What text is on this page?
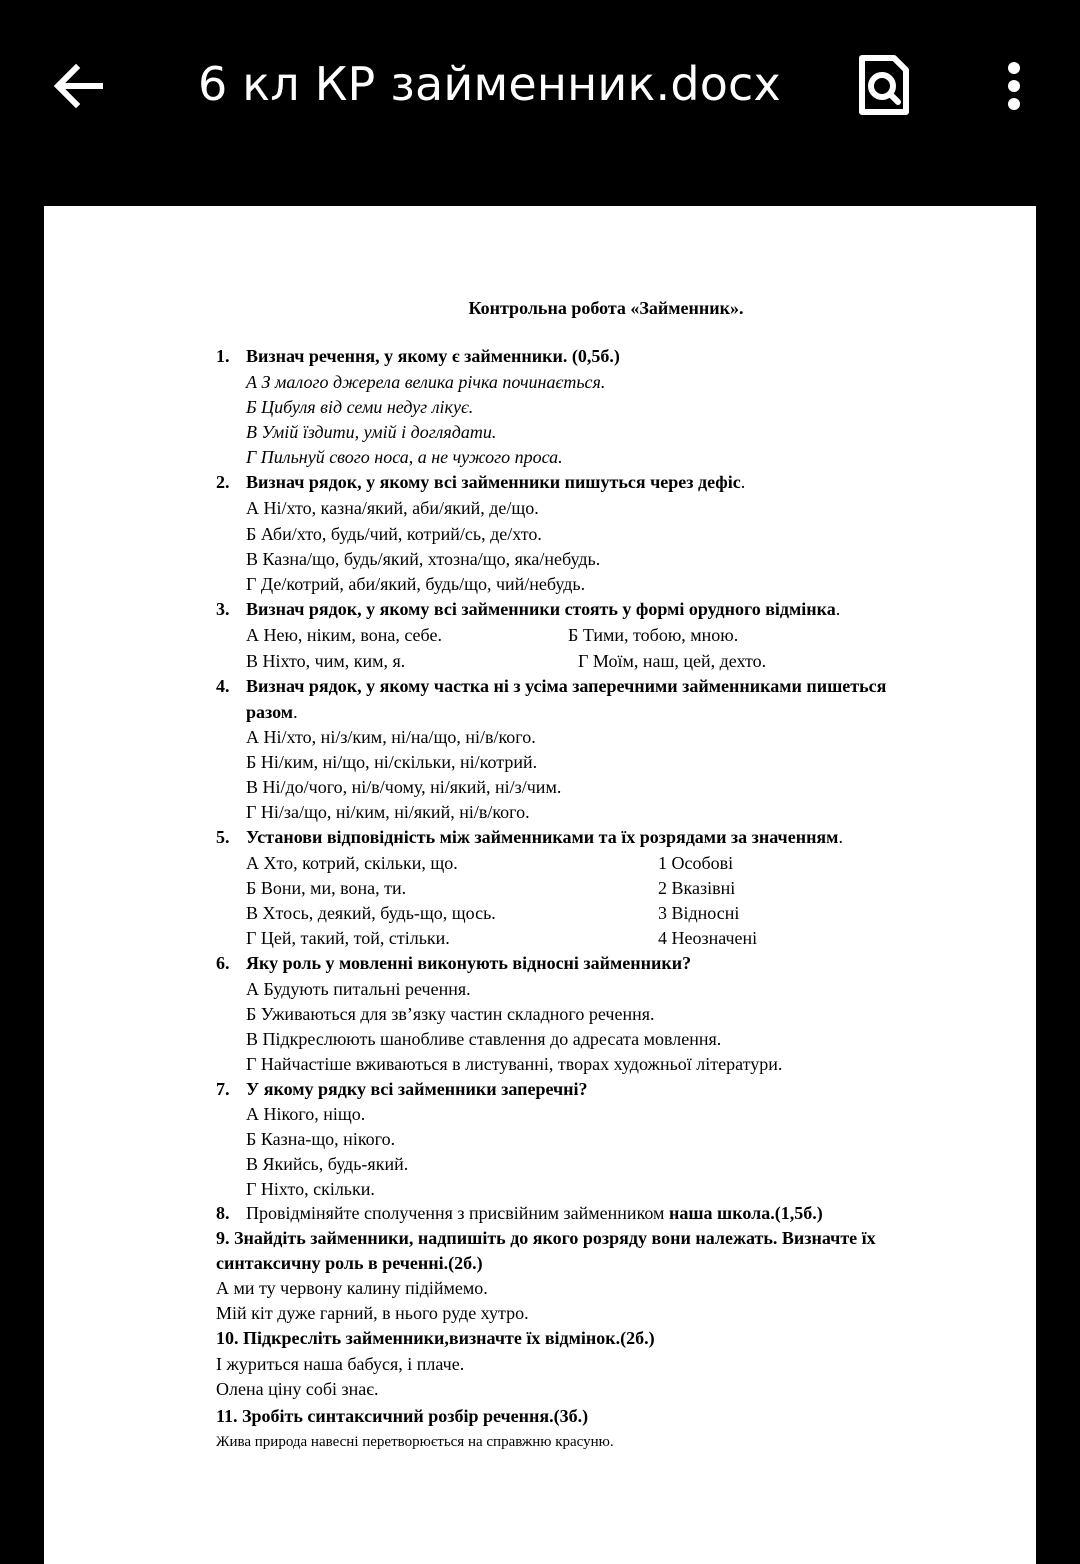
6 кл КР займенник.docx
Контрольна робота «Займенник».
1. Визнач речення, у якому є займенники. (0,5б.)
А З малого джерела велика річка починається.
Б Цибуля від семи недуг лікує.
В Умій їздити, умій і доглядати.
Г Пильнуй свого носа, а не чужого проса.
2. Визнач рядок, у якому всі займенники пишуться через дефіс.
А Ні/хто, казна/який, аби/який, де/що.
Б Аби/хто, будь/чий, котрий/сь, де/хто.
В Казна/що, будь/який, хтозна/що, яка/небудь.
Г Де/котрий, аби/який, будь/що, чий/небудь.
3. Визнач рядок, у якому всі займенники стоять у формі орудного відмінка.
А Нею, ніким, вона, себе.	Б Тими, тобою, мною.
В Ніхто, чим, ким, я.	Г Моїм, наш, цей, дехто.
4. Визнач рядок, у якому частка ні з усіма заперечними займенниками пишеться
разом.
А Ні/хто, ні/з/ким, ні/на/що, ні/в/кого.
Б Ні/ким, ні/що, ні/скільки, ні/котрий.
В Ні/до/чого, ні/в/чому, ні/який, ні/з/чим.
Г Ні/за/що, ні/ким, ні/який, ні/в/кого.
5. Установи відповідність між займенниками та їх розрядами за значенням.
А Хто, котрий, скільки, що.	1 Особові
Б Вони, ми, вона, ти.	2 Вказівні
В Хтось, деякий, будь-що, щось.	3 Відносні
Г Цей, такий, той, стільки.	4 Неозначені
6. Яку роль у мовленні виконують відносні займенники?
А Будують питальні речення.
Б Уживаються для зв’язку частин складного речення.
В Підкреслюють шанобливе ставлення до адресата мовлення.
Г Найчастіше вживаються в листуванні, творах художньої літератури.
7. У якому рядку всі займенники заперечні?
А Нікого, ніщо.
Б Казна-що, нікого.
В Якийсь, будь-який.
Г Ніхто, скільки.
8. Провідміняйте сполучення з присвійним займенником наша школа.(1,5б.)
9. Знайдіть займенники, надпишіть до якого розряду вони належать. Визначте їх
синтаксичну роль в реченні.(2б.)
А ми ту червону калину підіймемо.
Мій кіт дуже гарний, в нього руде хутро.
10. Підкресліть займенники,визначте їх відмінок.(2б.)
І журиться наша бабуся, і плаче.
Олена ціну собі знає.
11. Зробіть синтаксичний розбір речення.(3б.)
Жива природа навесні перетворюється на справжню красуню.
